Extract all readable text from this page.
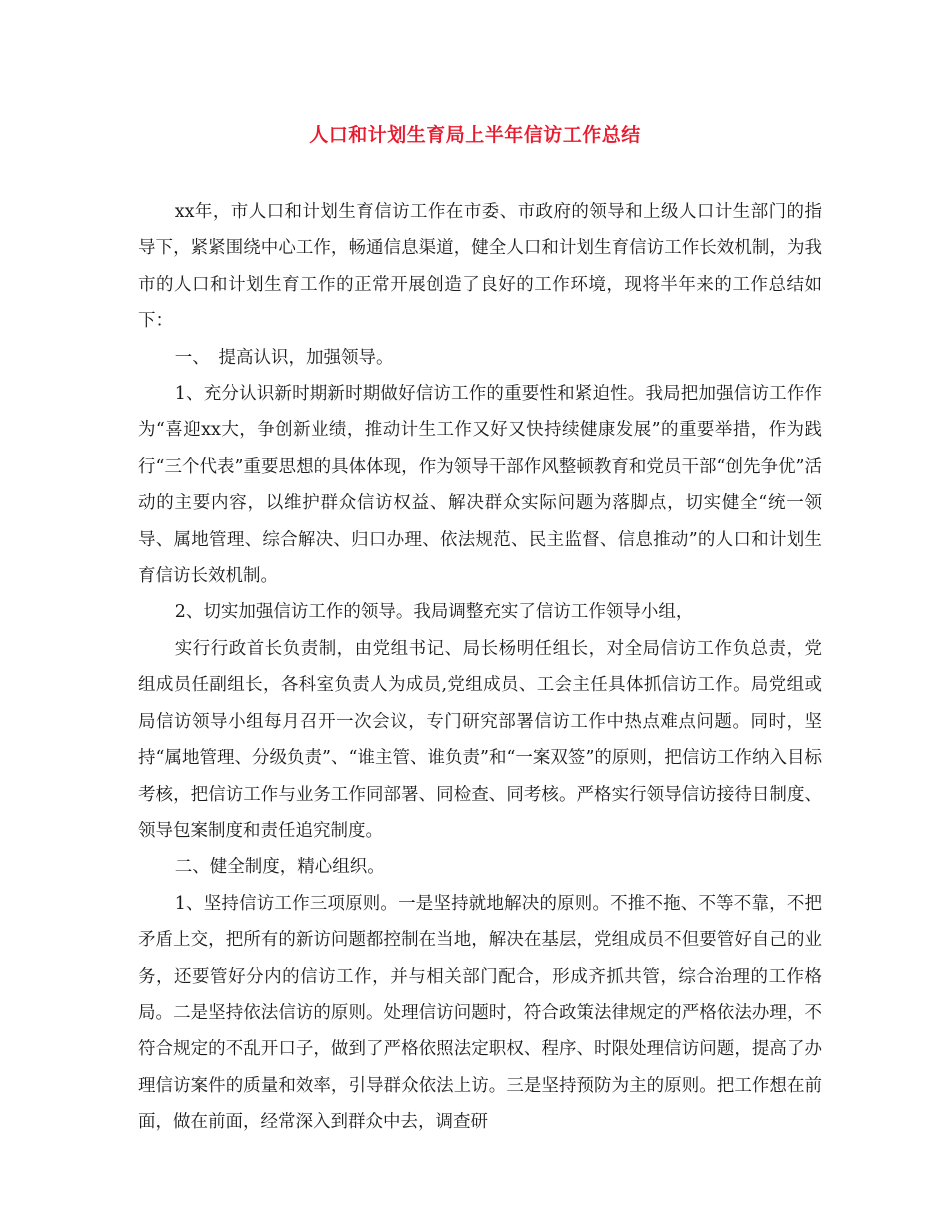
人口和计划生育局上半年信访工作总结

xx年，市人口和计划生育信访工作在市委、市政府的领导和上级人口计生部门的指导下，紧紧围绕中心工作，畅通信息渠道，健全人口和计划生育信访工作长效机制，为我市的人口和计划生育工作的正常开展创造了良好的工作环境，现将半年来的工作总结如下：

一、　提高认识，加强领导。

1、充分认识新时期新时期做好信访工作的重要性和紧迫性。我局把加强信访工作作为“喜迎xx大，争创新业绩，推动计生工作又好又快持续健康发展”的重要举措，作为践行“三个代表”重要思想的具体体现，作为领导干部作风整顿教育和党员干部“创先争优”活动的主要内容，以维护群众信访权益、解决群众实际问题为落脚点，切实健全“统一领导、属地管理、综合解决、归口办理、依法规范、民主监督、信息推动”的人口和计划生育信访长效机制。

2、切实加强信访工作的领导。我局调整充实了信访工作领导小组，

实行行政首长负责制，由党组书记、局长杨明任组长，对全局信访工作负总责，党组成员任副组长，各科室负责人为成员,党组成员、工会主任具体抓信访工作。局党组或局信访领导小组每月召开一次会议，专门研究部署信访工作中热点难点问题。同时，坚持“属地管理、分级负责”、“谁主管、谁负责”和“一案双签”的原则，把信访工作纳入目标考核，把信访工作与业务工作同部署、同检查、同考核。严格实行领导信访接待日制度、领导包案制度和责任追究制度。

二、健全制度，精心组织。

1、坚持信访工作三项原则。一是坚持就地解决的原则。不推不拖、不等不靠，不把矛盾上交，把所有的新访问题都控制在当地，解决在基层，党组成员不但要管好自己的业务，还要管好分内的信访工作，并与相关部门配合，形成齐抓共管，综合治理的工作格局。二是坚持依法信访的原则。处理信访问题时，符合政策法律规定的严格依法办理，不符合规定的不乱开口子，做到了严格依照法定职权、程序、时限处理信访问题，提高了办理信访案件的质量和效率，引导群众依法上访。三是坚持预防为主的原则。把工作想在前面，做在前面，经常深入到群众中去，调查研
